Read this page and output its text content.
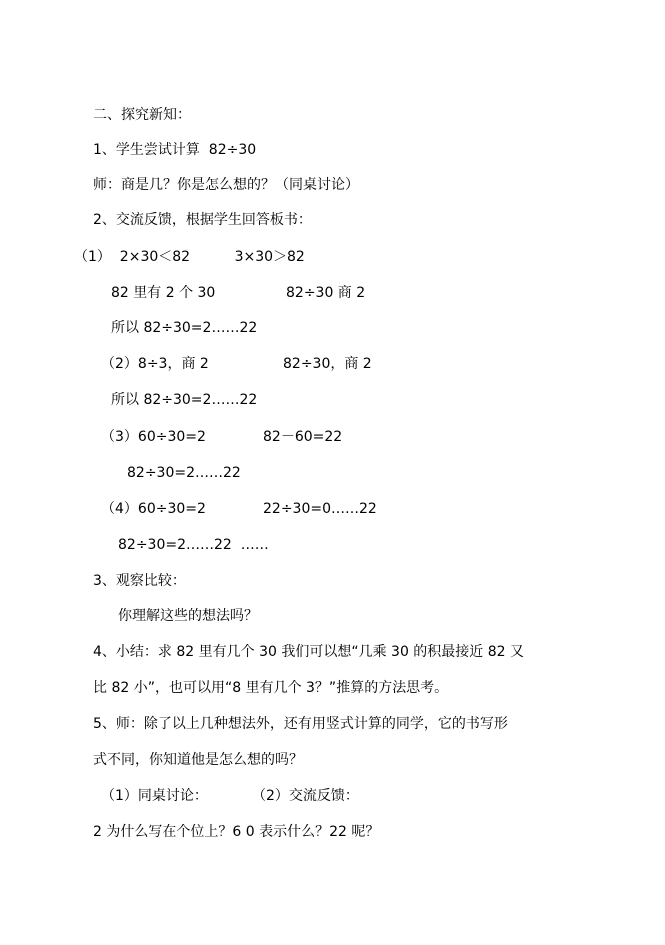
二、探究新知：
1、学生尝试计算  82÷30
师：商是几？你是怎么想的？（同桌讨论）
2、交流反馈，根据学生回答板书：
（1）  2×30＜82          3×30＞82
82 里有 2 个 30	82÷30 商 2
所以 82÷30=2……22
（2）8÷3，商 2	82÷30，商 2
所以 82÷30=2……22
（3）60÷30=2	82－60=22
82÷30=2……22
（4）60÷30=2	22÷30=0……22
82÷30=2……22  ……
3、观察比较：
你理解这些的想法吗？
4、小结：求 82 里有几个 30 我们可以想“几乘 30 的积最接近 82 又
比 82 小”，也可以用“8 里有几个 3？”推算的方法思考。
5、师：除了以上几种想法外，还有用竖式计算的同学，它的书写形
式不同，你知道他是怎么想的吗？
（1）同桌讨论：	（2）交流反馈：
2 为什么写在个位上？6 0 表示什么？22 呢？
